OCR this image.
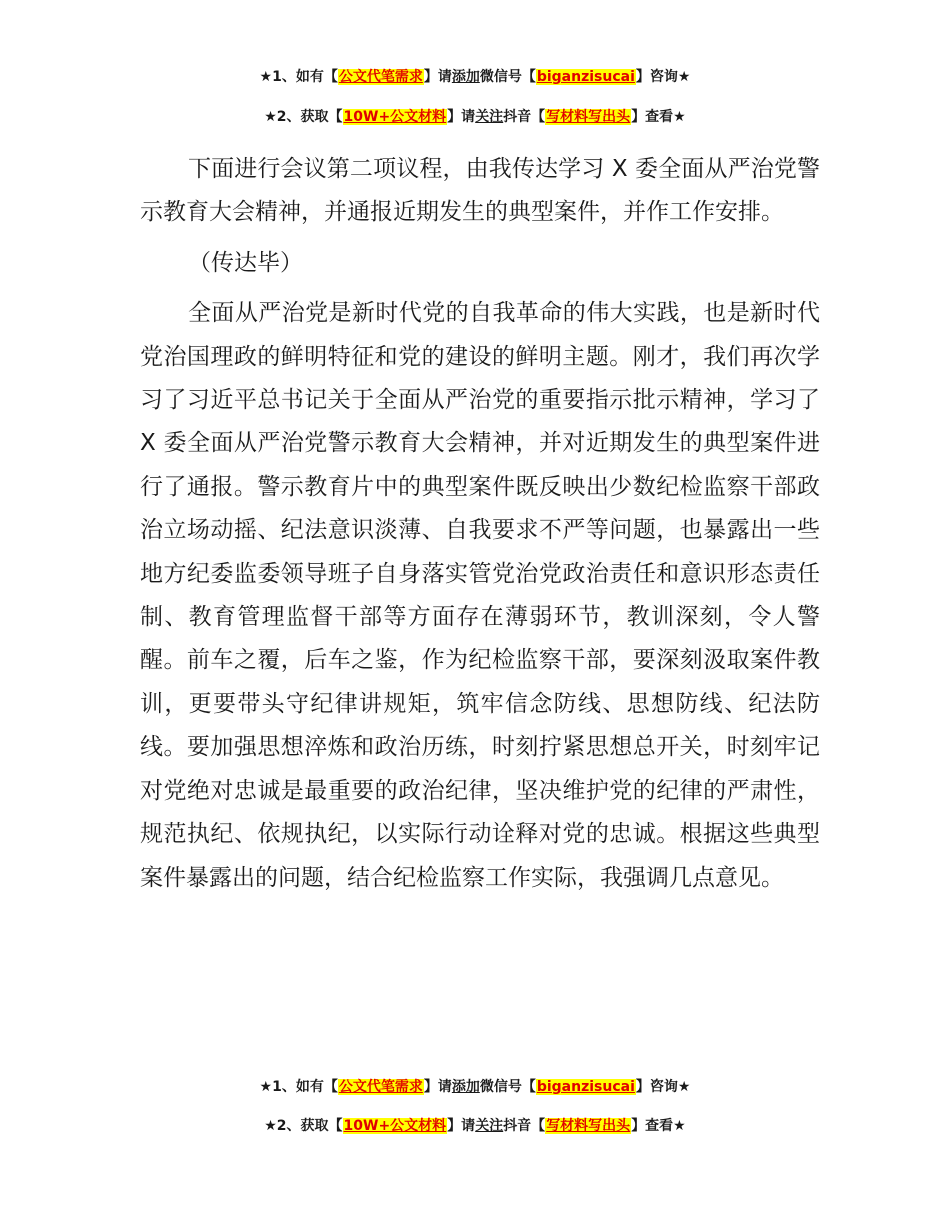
★1、如有【公文代笔需求】请添加微信号【biganzisucai】咨询★
★2、获取【10W+公文材料】请关注抖音【写材料写出头】查看★

下面进行会议第二项议程，由我传达学习 X 委全面从严治党警示教育大会精神，并通报近期发生的典型案件，并作工作安排。

（传达毕）

全面从严治党是新时代党的自我革命的伟大实践，也是新时代党治国理政的鲜明特征和党的建设的鲜明主题。刚才，我们再次学习了习近平总书记关于全面从严治党的重要指示批示精神，学习了 X 委全面从严治党警示教育大会精神，并对近期发生的典型案件进行了通报。警示教育片中的典型案件既反映出少数纪检监察干部政治立场动摇、纪法意识淡薄、自我要求不严等问题，也暴露出一些地方纪委监委领导班子自身落实管党治党政治责任和意识形态责任制、教育管理监督干部等方面存在薄弱环节，教训深刻，令人警醒。前车之覆，后车之鉴，作为纪检监察干部，要深刻汲取案件教训，更要带头守纪律讲规矩，筑牢信念防线、思想防线、纪法防线。要加强思想淬炼和政治历练，时刻拧紧思想总开关，时刻牢记对党绝对忠诚是最重要的政治纪律，坚决维护党的纪律的严肃性，规范执纪、依规执纪，以实际行动诠释对党的忠诚。根据这些典型案件暴露出的问题，结合纪检监察工作实际，我强调几点意见。

★1、如有【公文代笔需求】请添加微信号【biganzisucai】咨询★
★2、获取【10W+公文材料】请关注抖音【写材料写出头】查看★
